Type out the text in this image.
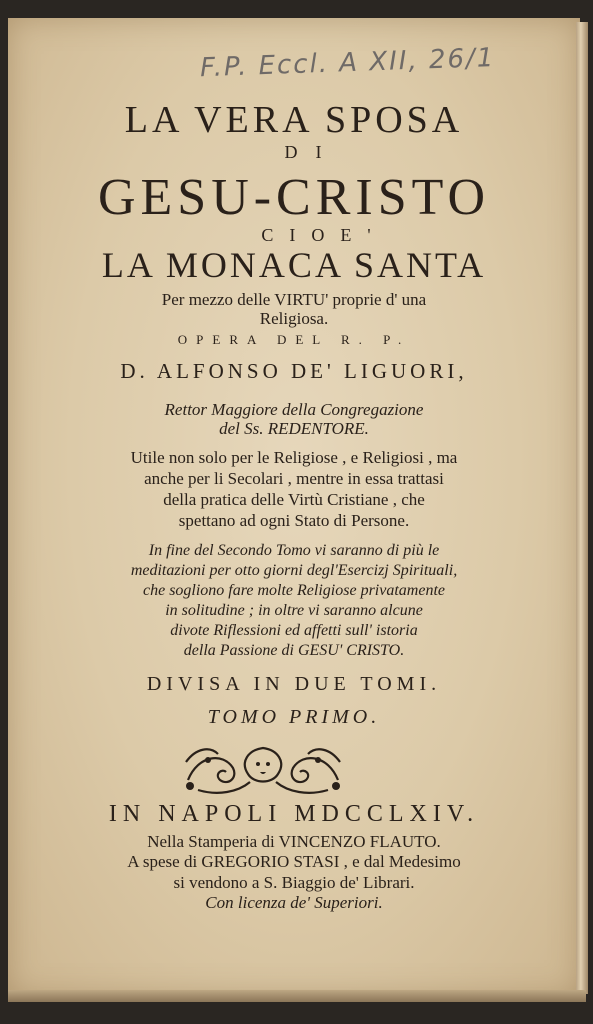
F.P. Eccl. A XII, 26/1
LA VERA SPOSA
DI
GESU-CRISTO
CIOE'
LA MONACA SANTA
Per mezzo delle VIRTU' proprie d' una
Religiosa.
OPERA DEL R. P.
D. ALFONSO DE' LIGUORI,
Rettor Maggiore della Congregazione
del Ss. REDENTORE.
Utile non solo per le Religiose , e Religiosi , ma
anche per li Secolari , mentre in essa trattasi
della pratica delle Virtù Cristiane , che
spettano ad ogni Stato di Persone.
In fine del Secondo Tomo vi saranno di più le
meditazioni per otto giorni degl'Esercizj Spirituali,
che sogliono fare molte Religiose privatamente
in solitudine ; in oltre vi saranno alcune
divote Riflessioni ed affetti sull' istoria
della Passione di GESU' CRISTO.
DIVISA IN DUE TOMI.
TOMO PRIMO.
IN NAPOLI MDCCLXIV.
Nella Stamperia di VINCENZO FLAUTO.
A spese di GREGORIO STASI , e dal Medesimo
si vendono a S. Biaggio de' Librari.
Con licenza de' Superiori.
